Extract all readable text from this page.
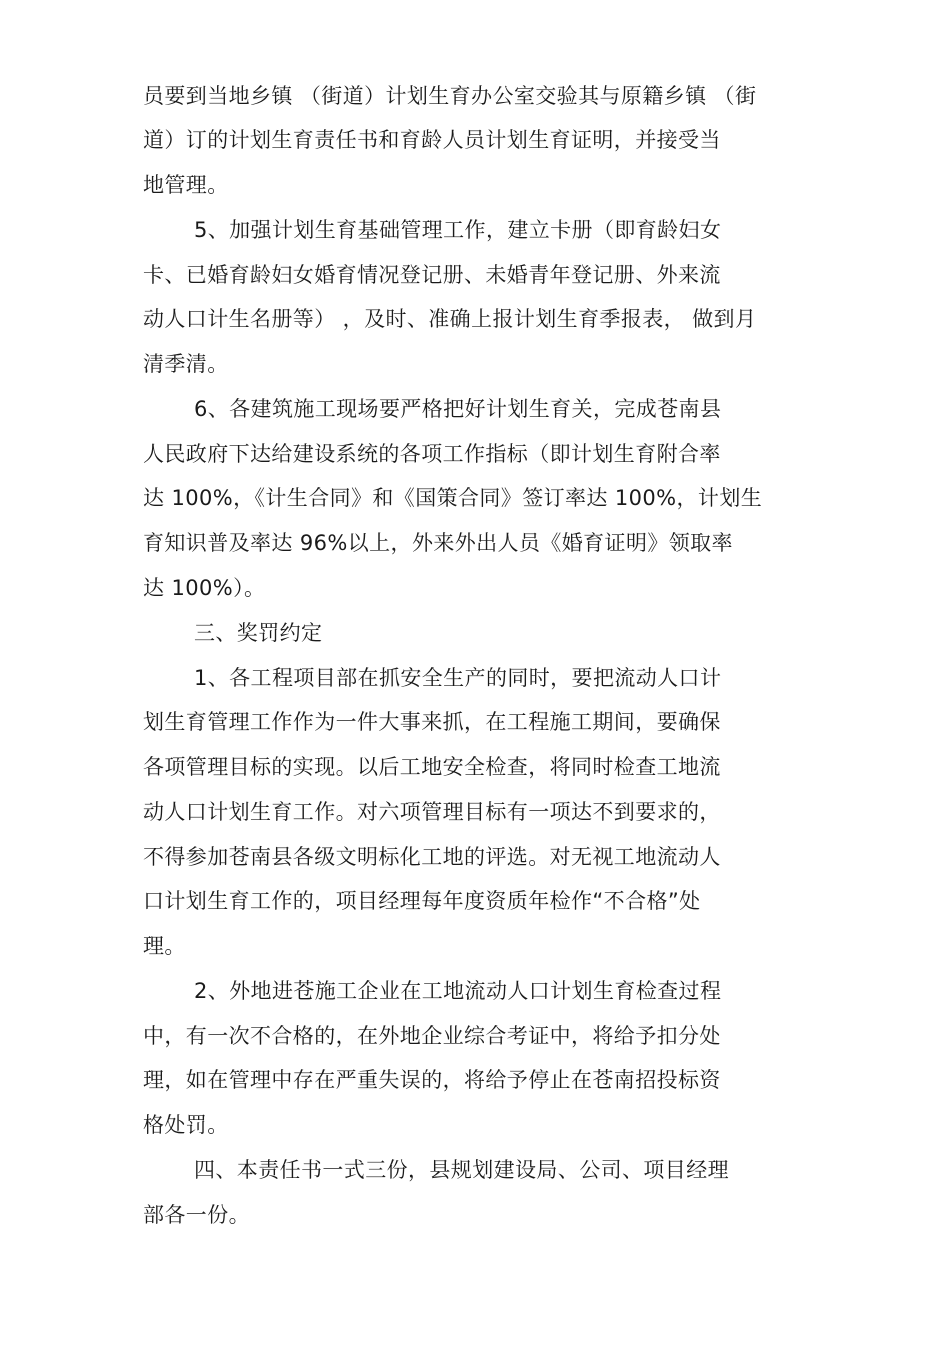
员要到当地乡镇 （街道）计划生育办公室交验其与原籍乡镇 （街
道）订的计划生育责任书和育龄人员计划生育证明，并接受当
地管理。
5、加强计划生育基础管理工作，建立卡册（即育龄妇女
卡、已婚育龄妇女婚育情况登记册、未婚青年登记册、外来流
动人口计生名册等） ，及时、准确上报计划生育季报表， 做到月
清季清。
6、各建筑施工现场要严格把好计划生育关，完成苍南县
人民政府下达给建设系统的各项工作指标（即计划生育附合率
达 100%，《计生合同》和《国策合同》签订率达 100%，计划生
育知识普及率达 96%以上，外来外出人员《婚育证明》领取率
达 100%）。
三、奖罚约定
1、各工程项目部在抓安全生产的同时，要把流动人口计
划生育管理工作作为一件大事来抓，在工程施工期间，要确保
各项管理目标的实现。以后工地安全检查，将同时检查工地流
动人口计划生育工作。对六项管理目标有一项达不到要求的，
不得参加苍南县各级文明标化工地的评选。对无视工地流动人
口计划生育工作的，项目经理每年度资质年检作“不合格”处
理。
2、外地进苍施工企业在工地流动人口计划生育检查过程
中，有一次不合格的，在外地企业综合考证中，将给予扣分处
理，如在管理中存在严重失误的，将给予停止在苍南招投标资
格处罚。
四、本责任书一式三份，县规划建设局、公司、项目经理
部各一份。
